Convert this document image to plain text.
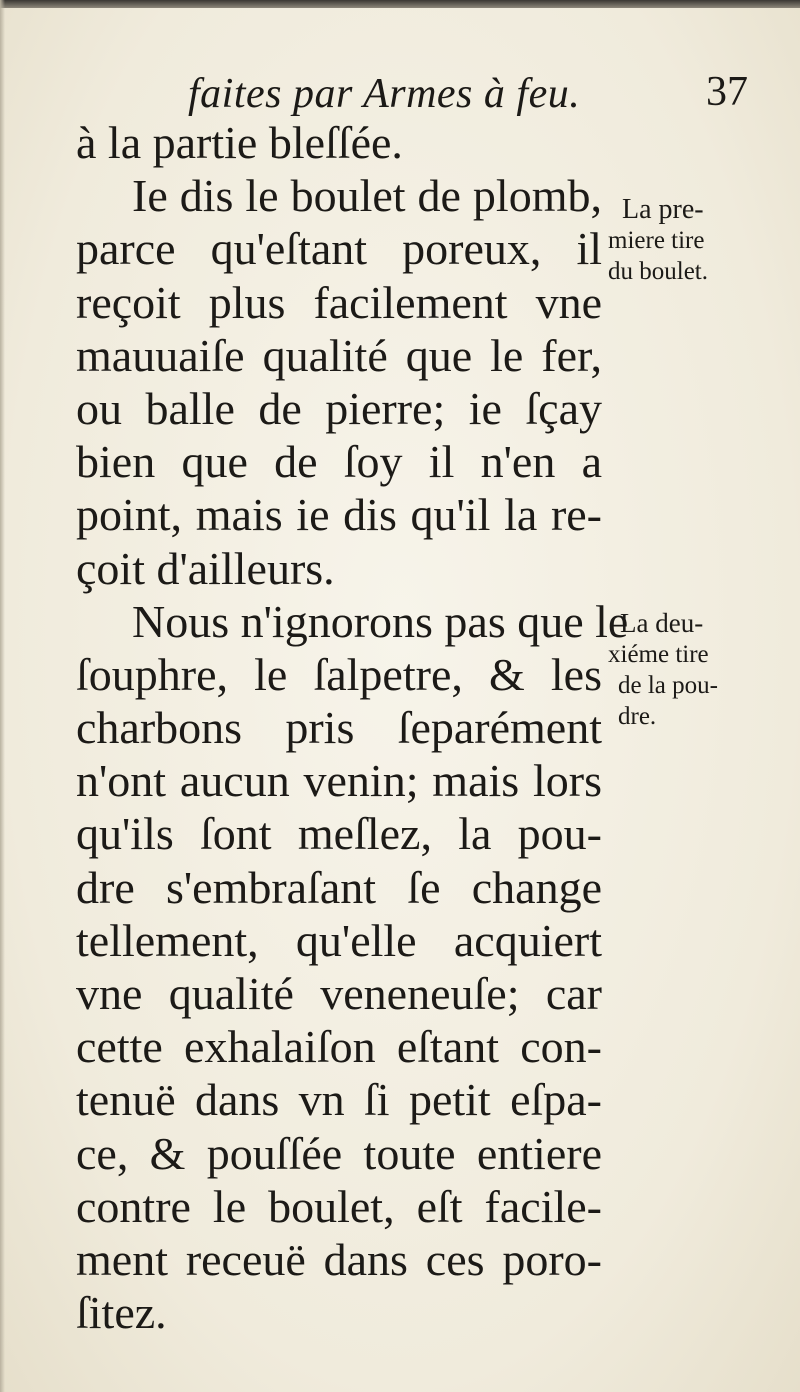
faites par Armes à feu.	37
à la partie bleſſée.
Ie dis le boulet de plomb,
parce qu'eſtant poreux, il
reçoit plus facilement vne
mauuaiſe qualité que le fer,
ou balle de pierre; ie ſçay
bien que de ſoy il n'en a
point, mais ie dis qu'il la re-
çoit d'ailleurs.
Nous n'ignorons pas que le
ſouphre, le ſalpetre, & les
charbons pris ſeparément
n'ont aucun venin; mais lors
qu'ils ſont meſlez, la pou-
dre s'embraſant ſe change
tellement, qu'elle acquiert
vne qualité veneneuſe; car
cette exhalaiſon eſtant con-
tenuë dans vn ſi petit eſpa-
ce, & pouſſée toute entiere
contre le boulet, eſt facile-
ment receuë dans ces poro-
ſitez.
La pre-
miere tire
du boulet.
La deu-
xiéme tire
de la pou-
dre.
